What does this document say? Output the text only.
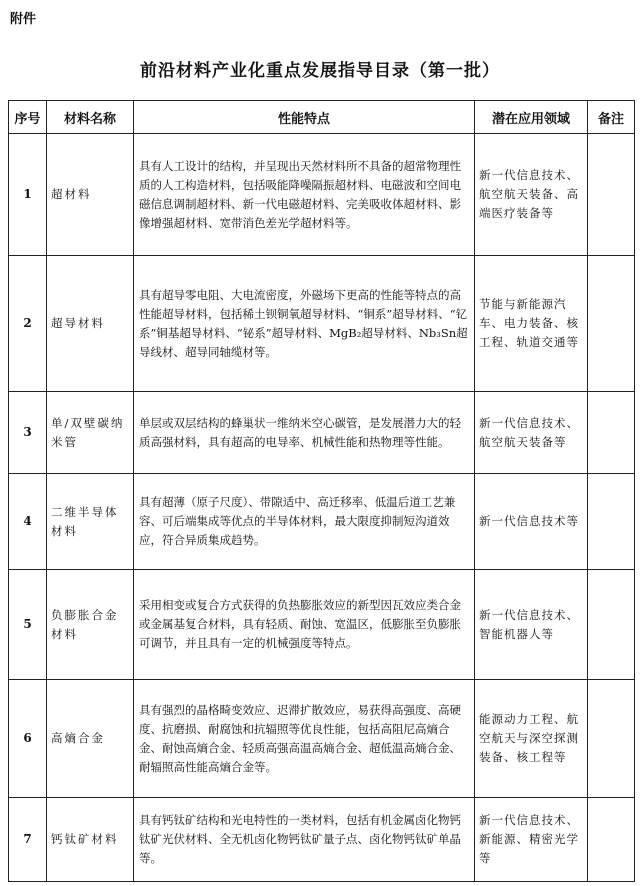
附件
前沿材料产业化重点发展指导目录（第一批）
序号	材料名称	性能特点	潜在应用领域	备注
1	超材料	具有人工设计的结构，并呈现出天然材料所不具备的超常物理性质的人工构造材料，包括吸能降噪隔振超材料、电磁波和空间电磁信息调制超材料、新一代电磁超材料、完美吸收体超材料、影像增强超材料、宽带消色差光学超材料等。	新一代信息技术、航空航天装备、高端医疗装备等	
2	超导材料	具有超导零电阻、大电流密度，外磁场下更高的性能等特点的高性能超导材料，包括稀土钡铜氧超导材料、“铜系”超导材料、“钇系”铜基超导材料、“铋系”超导材料、MgB₂超导材料、Nb₃Sn超导线材、超导同轴缆材等。	节能与新能源汽车、电力装备、核工程、轨道交通等	
3	单/双壁碳纳米管	单层或双层结构的蜂巢状一维纳米空心碳管，是发展潜力大的轻质高强材料，具有超高的电导率、机械性能和热物理等性能。	新一代信息技术、航空航天装备等	
4	二维半导体材料	具有超薄（原子尺度）、带隙适中、高迁移率、低温后道工艺兼容、可后端集成等优点的半导体材料，最大限度抑制短沟道效应，符合异质集成趋势。	新一代信息技术等	
5	负膨胀合金材料	采用相变或复合方式获得的负热膨胀效应的新型因瓦效应类合金或金属基复合材料，具有轻质、耐蚀、宽温区，低膨胀至负膨胀可调节，并且具有一定的机械强度等特点。	新一代信息技术、智能机器人等	
6	高熵合金	具有强烈的晶格畸变效应、迟滞扩散效应，易获得高强度、高硬度、抗磨损、耐腐蚀和抗辐照等优良性能，包括高阻尼高熵合金、耐蚀高熵合金、轻质高强高温高熵合金、超低温高熵合金、耐辐照高性能高熵合金等。	能源动力工程、航空航天与深空探测装备、核工程等	
7	钙钛矿材料	具有钙钛矿结构和光电特性的一类材料，包括有机金属卤化物钙钛矿光伏材料、全无机卤化物钙钛矿量子点、卤化物钙钛矿单晶等。	新一代信息技术、新能源、精密光学等	
